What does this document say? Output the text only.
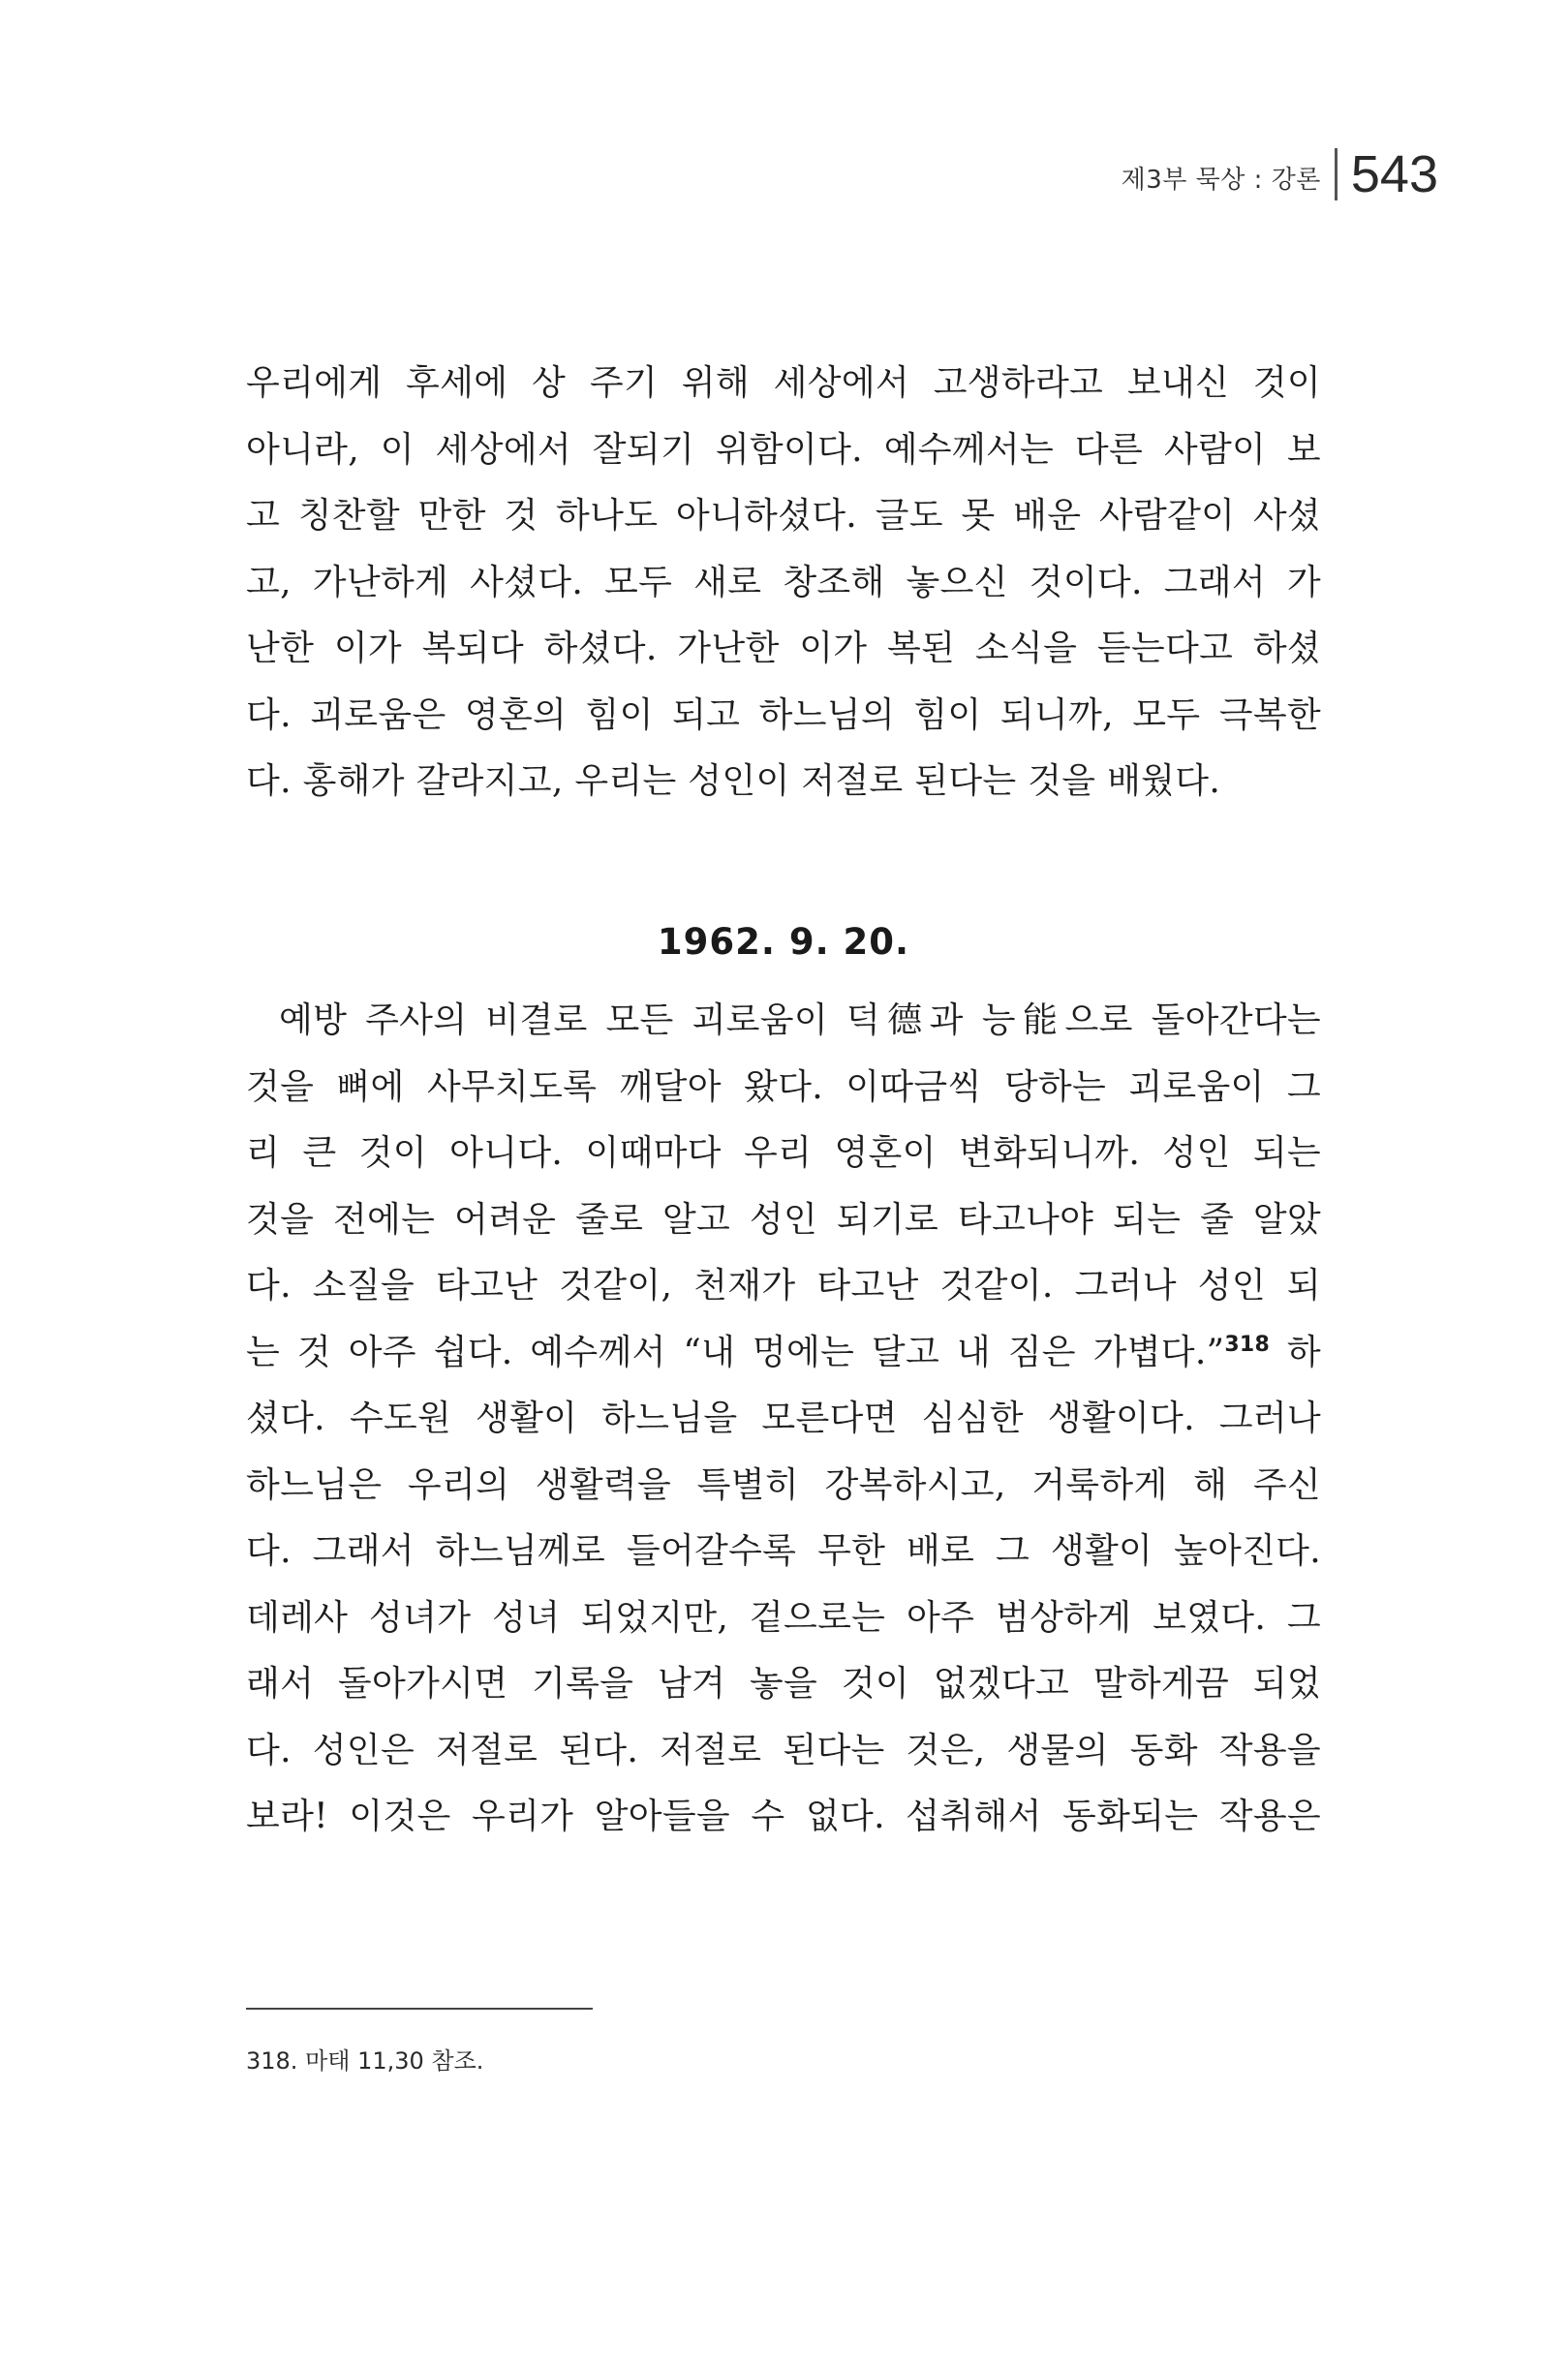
제3부 묵상 : 강론 543
우리에게 후세에 상 주기 위해 세상에서 고생하라고 보내신 것이
아니라, 이 세상에서 잘되기 위함이다. 예수께서는 다른 사람이 보
고 칭찬할 만한 것 하나도 아니하셨다. 글도 못 배운 사람같이 사셨
고, 가난하게 사셨다. 모두 새로 창조해 놓으신 것이다. 그래서 가
난한 이가 복되다 하셨다. 가난한 이가 복된 소식을 듣는다고 하셨
다. 괴로움은 영혼의 힘이 되고 하느님의 힘이 되니까, 모두 극복한
다. 홍해가 갈라지고, 우리는 성인이 저절로 된다는 것을 배웠다.
1962. 9. 20.
예방 주사의 비결로 모든 괴로움이 덕德과 능能으로 돌아간다는
것을 뼈에 사무치도록 깨달아 왔다. 이따금씩 당하는 괴로움이 그
리 큰 것이 아니다. 이때마다 우리 영혼이 변화되니까. 성인 되는
것을 전에는 어려운 줄로 알고 성인 되기로 타고나야 되는 줄 알았
다. 소질을 타고난 것같이, 천재가 타고난 것같이. 그러나 성인 되
는 것 아주 쉽다. 예수께서 “내 멍에는 달고 내 짐은 가볍다.”$^{318}$ 하
셨다. 수도원 생활이 하느님을 모른다면 심심한 생활이다. 그러나
하느님은 우리의 생활력을 특별히 강복하시고, 거룩하게 해 주신
다. 그래서 하느님께로 들어갈수록 무한 배로 그 생활이 높아진다.
데레사 성녀가 성녀 되었지만, 겉으로는 아주 범상하게 보였다. 그
래서 돌아가시면 기록을 남겨 놓을 것이 없겠다고 말하게끔 되었
다. 성인은 저절로 된다. 저절로 된다는 것은, 생물의 동화 작용을
보라! 이것은 우리가 알아들을 수 없다. 섭취해서 동화되는 작용은
318. 마태 11,30 참조.
